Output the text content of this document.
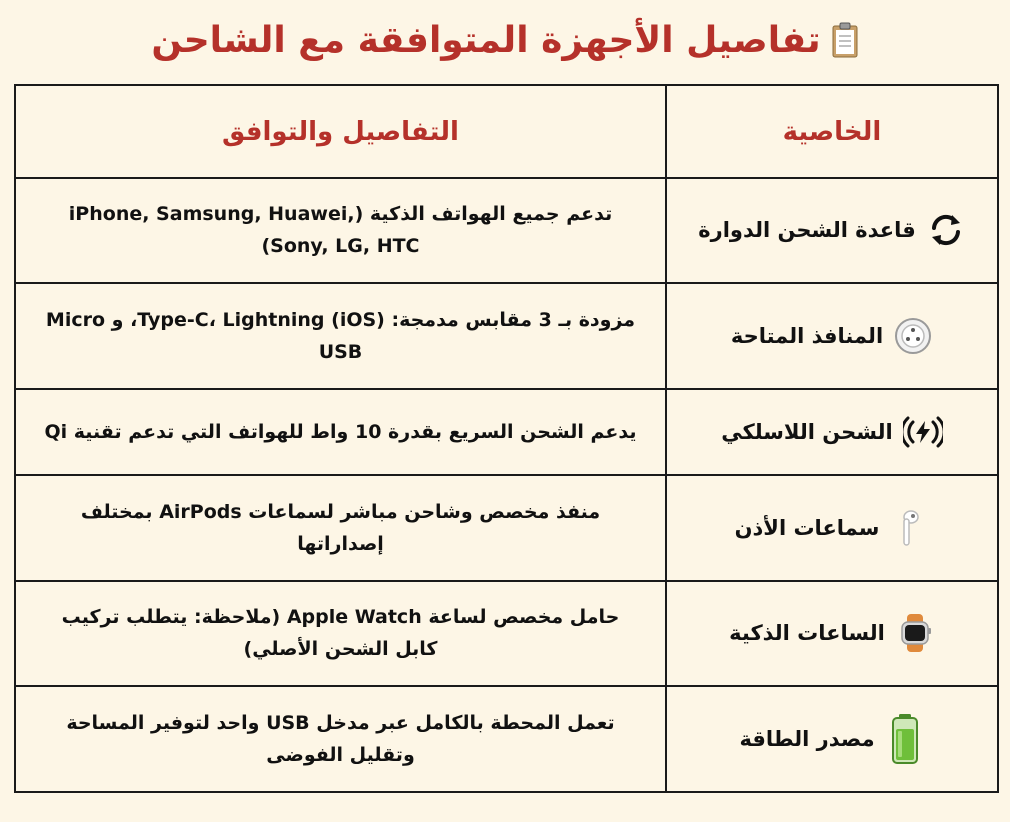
تفاصيل الأجهزة المتوافقة مع الشاحن
الخاصية	التفاصيل والتوافق

قاعدة الشحن الدوارة	تدعم جميع الهواتف الذكية (iPhone, Samsung, Huawei, Sony, LG, HTC)

المنافذ المتاحة	مزودة بـ 3 مقابس مدمجة: Type-C، Lightning (iOS)، و Micro USB

الشحن اللاسلكي	يدعم الشحن السريع بقدرة 10 واط للهواتف التي تدعم تقنية Qi

سماعات الأذن	منفذ مخصص وشاحن مباشر لسماعات AirPods بمختلف إصداراتها

الساعات الذكية	حامل مخصص لساعة Apple Watch (ملاحظة: يتطلب تركيب كابل الشحن الأصلي)

مصدر الطاقة	تعمل المحطة بالكامل عبر مدخل USB واحد لتوفير المساحة وتقليل الفوضى
